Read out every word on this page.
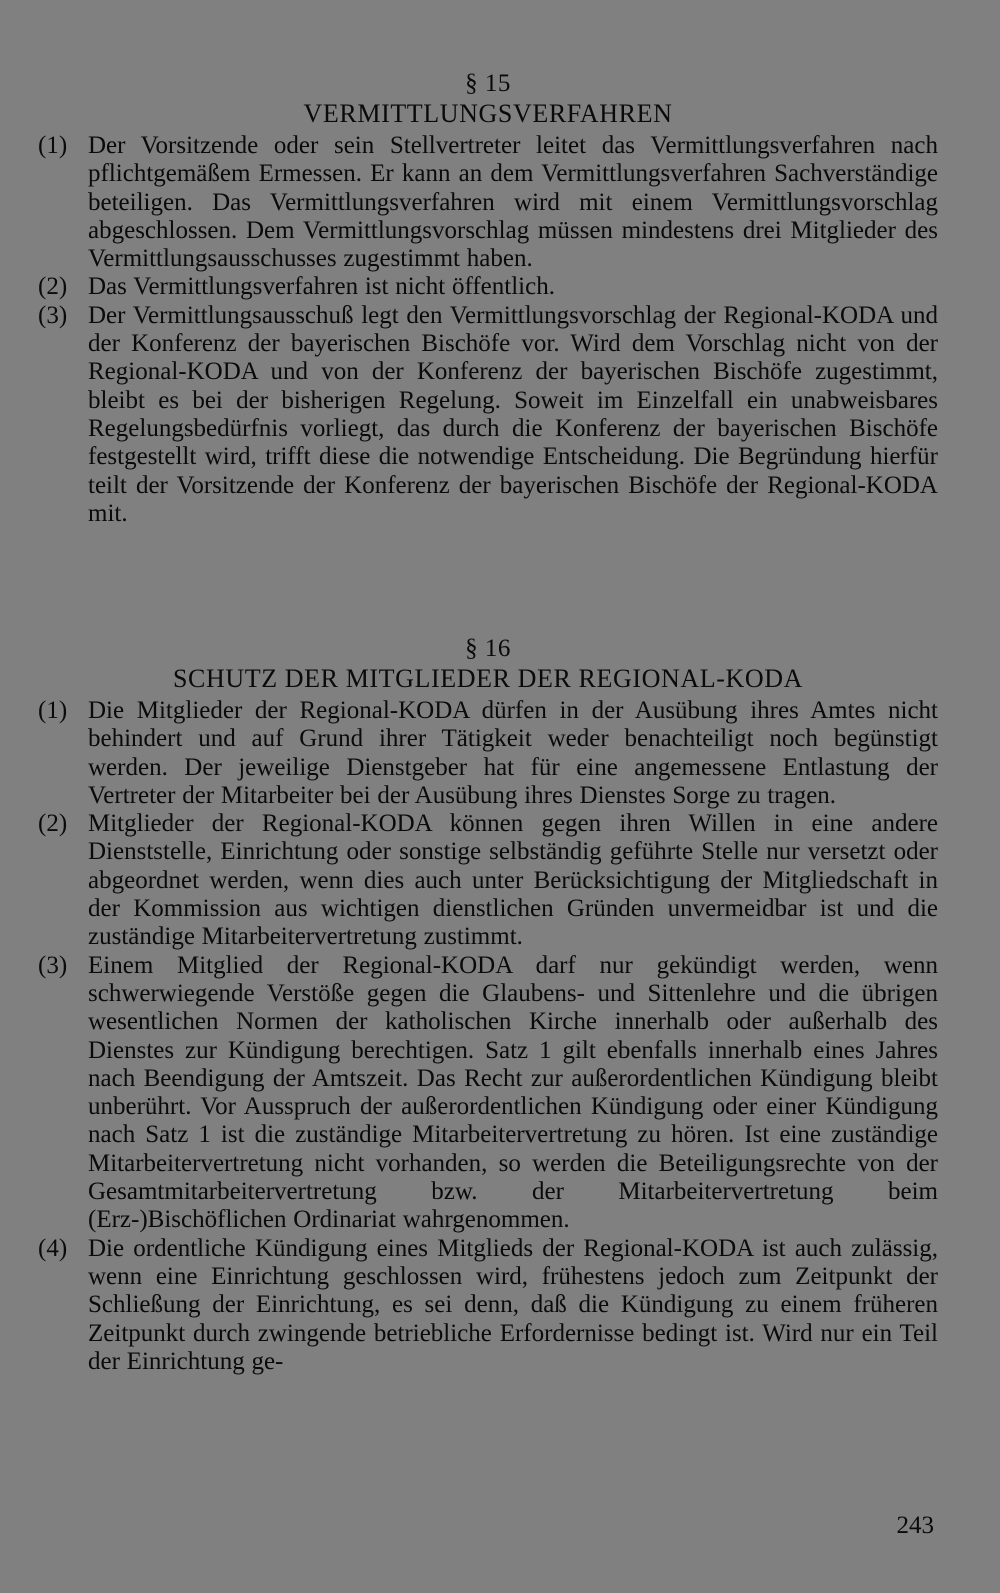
§ 15
VERMITTLUNGSVERFAHREN
(1) Der Vorsitzende oder sein Stellvertreter leitet das Vermittlungsverfahren nach pflichtgemäßem Ermessen. Er kann an dem Vermittlungsverfahren Sachverständige beteiligen. Das Vermittlungsverfahren wird mit einem Vermittlungsvorschlag abgeschlossen. Dem Vermittlungsvorschlag müssen mindestens drei Mitglieder des Vermittlungsausschusses zugestimmt haben.
(2) Das Vermittlungsverfahren ist nicht öffentlich.
(3) Der Vermittlungsausschuß legt den Vermittlungsvorschlag der Regional-KODA und der Konferenz der bayerischen Bischöfe vor. Wird dem Vorschlag nicht von der Regional-KODA und von der Konferenz der bayerischen Bischöfe zugestimmt, bleibt es bei der bisherigen Regelung. Soweit im Einzelfall ein unabweisbares Regelungsbedürfnis vorliegt, das durch die Konferenz der bayerischen Bischöfe festgestellt wird, trifft diese die notwendige Entscheidung. Die Begründung hierfür teilt der Vorsitzende der Konferenz der bayerischen Bischöfe der Regional-KODA mit.
§ 16
SCHUTZ DER MITGLIEDER DER REGIONAL-KODA
(1) Die Mitglieder der Regional-KODA dürfen in der Ausübung ihres Amtes nicht behindert und auf Grund ihrer Tätigkeit weder benachteiligt noch begünstigt werden. Der jeweilige Dienstgeber hat für eine angemessene Entlastung der Vertreter der Mitarbeiter bei der Ausübung ihres Dienstes Sorge zu tragen.
(2) Mitglieder der Regional-KODA können gegen ihren Willen in eine andere Dienststelle, Einrichtung oder sonstige selbständig geführte Stelle nur versetzt oder abgeordnet werden, wenn dies auch unter Berücksichtigung der Mitgliedschaft in der Kommission aus wichtigen dienstlichen Gründen unvermeidbar ist und die zuständige Mitarbeitervertretung zustimmt.
(3) Einem Mitglied der Regional-KODA darf nur gekündigt werden, wenn schwerwiegende Verstöße gegen die Glaubens- und Sittenlehre und die übrigen wesentlichen Normen der katholischen Kirche innerhalb oder außerhalb des Dienstes zur Kündigung berechtigen. Satz 1 gilt ebenfalls innerhalb eines Jahres nach Beendigung der Amtszeit. Das Recht zur außerordentlichen Kündigung bleibt unberührt. Vor Ausspruch der außerordentlichen Kündigung oder einer Kündigung nach Satz 1 ist die zuständige Mitarbeitervertretung zu hören. Ist eine zuständige Mitarbeitervertretung nicht vorhanden, so werden die Beteiligungsrechte von der Gesamtmitarbeitervertretung bzw. der Mitarbeitervertretung beim (Erz-)Bischöflichen Ordinariat wahrgenommen.
(4) Die ordentliche Kündigung eines Mitglieds der Regional-KODA ist auch zulässig, wenn eine Einrichtung geschlossen wird, frühestens jedoch zum Zeitpunkt der Schließung der Einrichtung, es sei denn, daß die Kündigung zu einem früheren Zeitpunkt durch zwingende betriebliche Erfordernisse bedingt ist. Wird nur ein Teil der Einrichtung ge-
243
